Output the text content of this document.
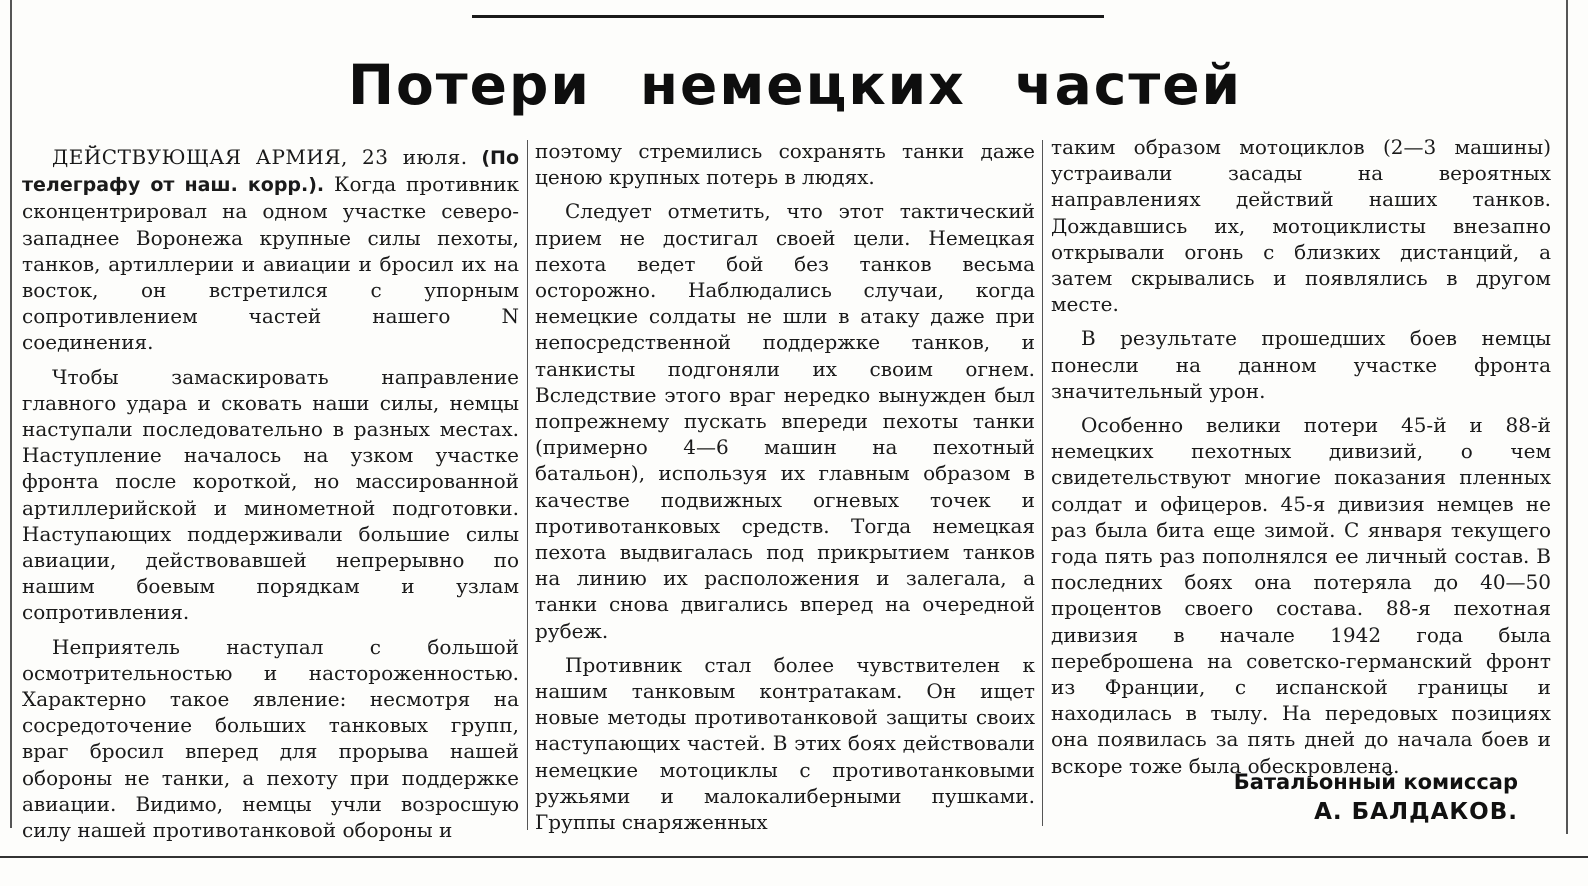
Потери немецких частей

ДЕЙСТВУЮЩАЯ АРМИЯ, 23 июля. (По телеграфу от наш. корр.). Когда противник сконцентрировал на одном участке северо-западнее Воронежа крупные силы пехоты, танков, артиллерии и авиации и бросил их на восток, он встретился с упорным сопротивлением частей нашего N соединения.

Чтобы замаскировать направление главного удара и сковать наши силы, немцы наступали последовательно в разных местах. Наступление началось на узком участке фронта после короткой, но массированной артиллерийской и минометной подготовки. Наступающих поддерживали большие силы авиации, действовавшей непрерывно по нашим боевым порядкам и узлам сопротивления.

Неприятель наступал с большой осмотрительностью и настороженностью. Характерно такое явление: несмотря на сосредоточение больших танковых групп, враг бросил вперед для прорыва нашей обороны не танки, а пехоту при поддержке авиации. Видимо, немцы учли возросшую силу нашей противотанковой обороны и

поэтому стремились сохранять танки даже ценою крупных потерь в людях.

Следует отметить, что этот тактический прием не достигал своей цели. Немецкая пехота ведет бой без танков весьма осторожно. Наблюдались случаи, когда немецкие солдаты не шли в атаку даже при непосредственной поддержке танков, и танкисты подгоняли их своим огнем. Вследствие этого враг нередко вынужден был попрежнему пускать впереди пехоты танки (примерно 4—6 машин на пехотный батальон), используя их главным образом в качестве подвижных огневых точек и противотанковых средств. Тогда немецкая пехота выдвигалась под прикрытием танков на линию их расположения и залегала, а танки снова двигались вперед на очередной рубеж.

Противник стал более чувствителен к нашим танковым контратакам. Он ищет новые методы противотанковой защиты своих наступающих частей. В этих боях действовали немецкие мотоциклы с противотанковыми ружьями и малокалиберными пушками. Группы снаряженных

таким образом мотоциклов (2—3 машины) устраивали засады на вероятных направлениях действий наших танков. Дождавшись их, мотоциклисты внезапно открывали огонь с близких дистанций, а затем скрывались и появлялись в другом месте.

В результате прошедших боев немцы понесли на данном участке фронта значительный урон.

Особенно велики потери 45-й и 88-й немецких пехотных дивизий, о чем свидетельствуют многие показания пленных солдат и офицеров. 45-я дивизия немцев не раз была бита еще зимой. С января текущего года пять раз пополнялся ее личный состав. В последних боях она потеряла до 40—50 процентов своего состава. 88-я пехотная дивизия в начале 1942 года была переброшена на советско-германский фронт из Франции, с испанской границы и находилась в тылу. На передовых позициях она появилась за пять дней до начала боев и вскоре тоже была обескровлена.

Батальонный комиссар
А. БАЛДАКОВ.
